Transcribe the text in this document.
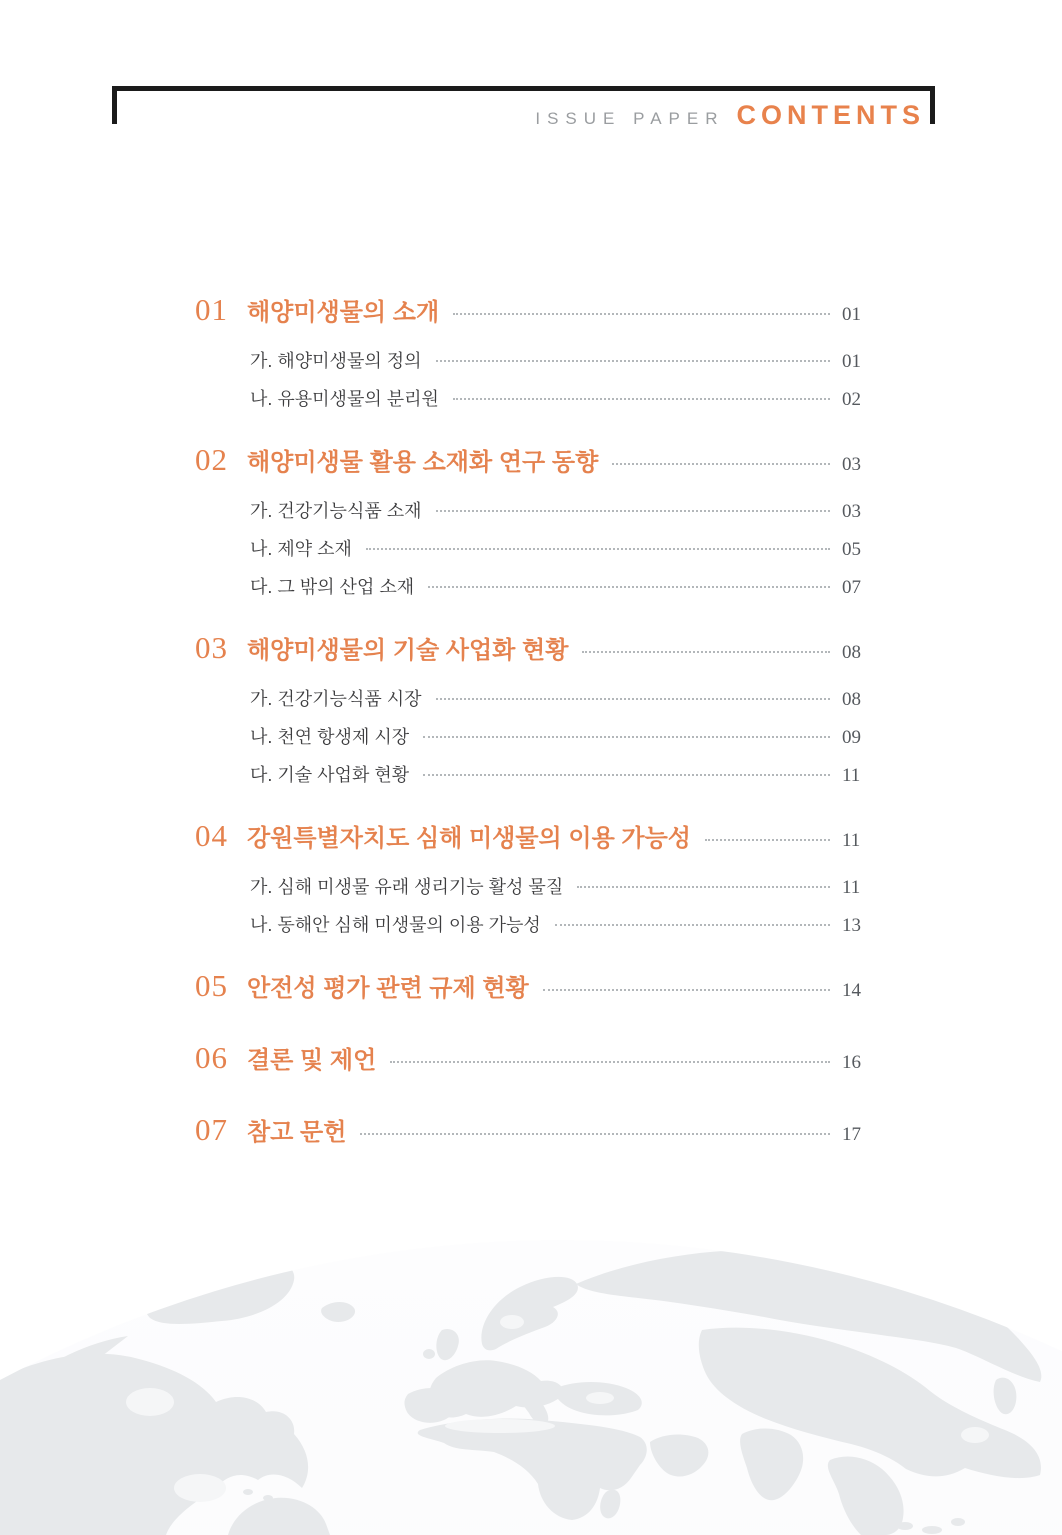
ISSUE PAPER CONTENTS
01 해양미생물의 소개	01
가. 해양미생물의 정의	01
나. 유용미생물의 분리원	02
02 해양미생물 활용 소재화 연구 동향	03
가. 건강기능식품 소재	03
나. 제약 소재	05
다. 그 밖의 산업 소재	07
03 해양미생물의 기술 사업화 현황	08
가. 건강기능식품 시장	08
나. 천연 항생제 시장	09
다. 기술 사업화 현황	11
04 강원특별자치도 심해 미생물의 이용 가능성	11
가. 심해 미생물 유래 생리기능 활성 물질	11
나. 동해안 심해 미생물의 이용 가능성	13
05 안전성 평가 관련 규제 현황	14
06 결론 및 제언	16
07 참고 문헌	17
